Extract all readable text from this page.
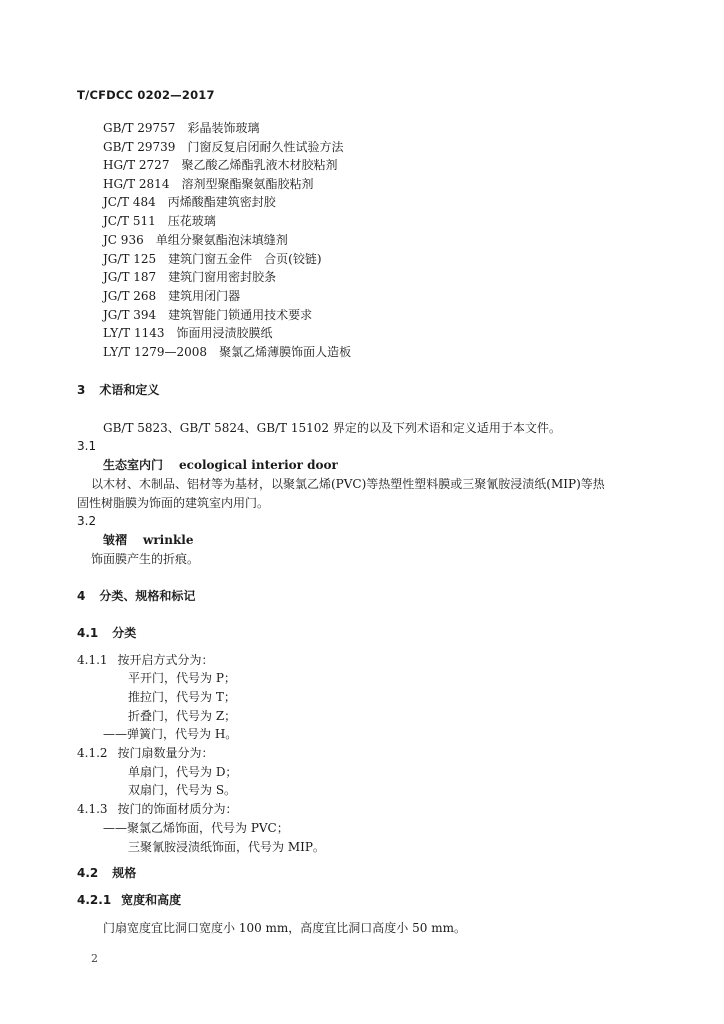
T/CFDCC 0202—2017
GB/T 29757 彩晶装饰玻璃
GB/T 29739 门窗反复启闭耐久性试验方法
HG/T 2727 聚乙酸乙烯酯乳液木材胶粘剂
HG/T 2814 溶剂型聚酯聚氨酯胶粘剂
JC/T 484 丙烯酸酯建筑密封胶
JC/T 511 压花玻璃
JC 936 单组分聚氨酯泡沫填缝剂
JG/T 125 建筑门窗五金件　合页(铰链)
JG/T 187 建筑门窗用密封胶条
JG/T 268 建筑用闭门器
JG/T 394 建筑智能门锁通用技术要求
LY/T 1143 饰面用浸渍胶膜纸
LY/T 1279—2008 聚氯乙烯薄膜饰面人造板
3 术语和定义
GB/T 5823、GB/T 5824、GB/T 15102 界定的以及下列术语和定义适用于本文件。
3.1
生态室内门 ecological interior door
以木材、木制品、铝材等为基材，以聚氯乙烯(PVC)等热塑性塑料膜或三聚氰胺浸渍纸(MIP)等热
固性树脂膜为饰面的建筑室内用门。
3.2
皱褶 wrinkle
饰面膜产生的折痕。
4 分类、规格和标记
4.1 分类
4.1.1 按开启方式分为：
平开门，代号为 P；
推拉门，代号为 T；
折叠门，代号为 Z；
——弹簧门，代号为 H。
4.1.2 按门扇数量分为：
单扇门，代号为 D；
双扇门，代号为 S。
4.1.3 按门的饰面材质分为：
——聚氯乙烯饰面，代号为 PVC；
三聚氰胺浸渍纸饰面，代号为 MIP。
4.2 规格
4.2.1 宽度和高度
门扇宽度宜比洞口宽度小 100 mm，高度宜比洞口高度小 50 mm。
2
